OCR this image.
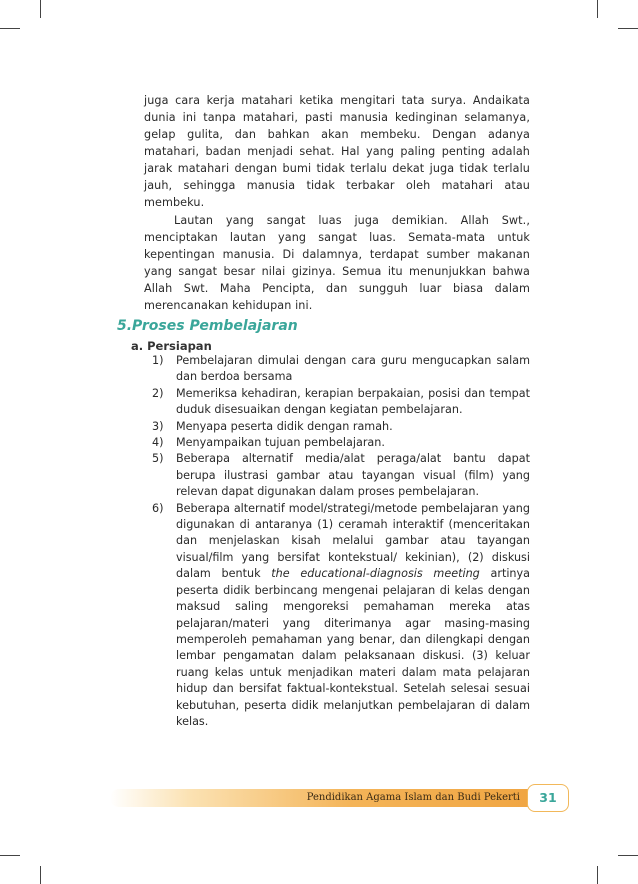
juga cara kerja matahari ketika mengitari tata surya. Andaikata dunia ini tanpa matahari, pasti manusia kedinginan selamanya, gelap gulita, dan bahkan akan membeku. Dengan adanya matahari, badan menjadi sehat. Hal yang paling penting adalah jarak matahari dengan bumi tidak terlalu dekat juga tidak terlalu jauh, sehingga manusia tidak terbakar oleh matahari atau membeku.

Lautan yang sangat luas juga demikian. Allah Swt., menciptakan lautan yang sangat luas. Semata-mata untuk kepentingan manusia. Di dalamnya, terdapat sumber makanan yang sangat besar nilai gizinya. Semua itu menunjukkan bahwa Allah Swt. Maha Pencipta, dan sungguh luar biasa dalam merencanakan kehidupan ini.

5.Proses Pembelajaran
a. Persiapan
1) Pembelajaran dimulai dengan cara guru mengucapkan salam dan berdoa bersama
2) Memeriksa kehadiran, kerapian berpakaian, posisi dan tempat duduk disesuaikan dengan kegiatan pembelajaran.
3) Menyapa peserta didik dengan ramah.
4) Menyampaikan tujuan pembelajaran.
5) Beberapa alternatif media/alat peraga/alat bantu dapat berupa ilustrasi gambar atau tayangan visual (film) yang relevan dapat digunakan dalam proses pembelajaran.
6) Beberapa alternatif model/strategi/metode pembelajaran yang digunakan di antaranya (1) ceramah interaktif (menceritakan dan menjelaskan kisah melalui gambar atau tayangan visual/film yang bersifat kontekstual/ kekinian), (2) diskusi dalam bentuk the educational-diagnosis meeting artinya peserta didik berbincang mengenai pelajaran di kelas dengan maksud saling mengoreksi pemahaman mereka atas pelajaran/materi yang diterimanya agar masing-masing memperoleh pemahaman yang benar, dan dilengkapi dengan lembar pengamatan dalam pelaksanaan diskusi. (3) keluar ruang kelas untuk menjadikan materi dalam mata pelajaran hidup dan bersifat faktual-kontekstual. Setelah selesai sesuai kebutuhan, peserta didik melanjutkan pembelajaran di dalam kelas.
Pendidikan Agama Islam dan Budi Pekerti	31
